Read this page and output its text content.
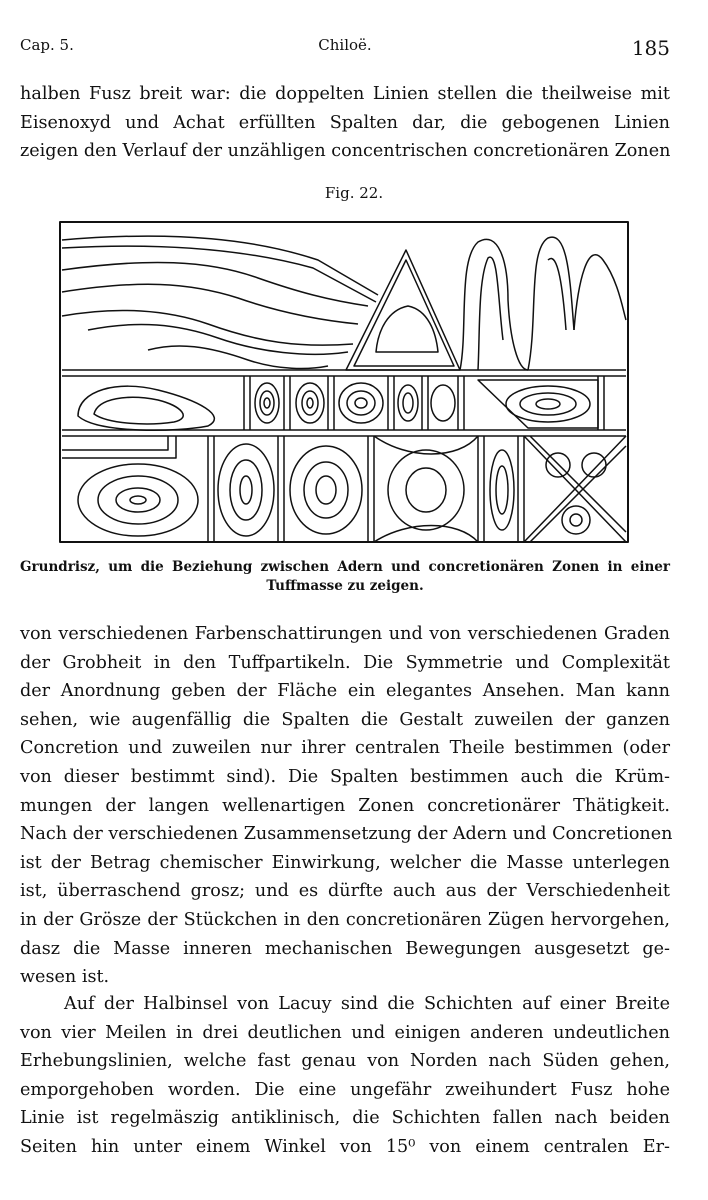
Cap. 5.	Chiloë.	185
halben Fusz breit war: die doppelten Linien stellen die theilweise mit
Eisenoxyd und Achat erfüllten Spalten dar, die gebogenen Linien
zeigen den Verlauf der unzähligen concentrischen concretionären Zonen
Fig. 22.
Grundrisz, um die Beziehung zwischen Adern und concretionären Zonen in einer
Tuffmasse zu zeigen.
von verschiedenen Farbenschattirungen und von verschiedenen Graden
der Grobheit in den Tuffpartikeln. Die Symmetrie und Complexität
der Anordnung geben der Fläche ein elegantes Ansehen. Man kann
sehen, wie augenfällig die Spalten die Gestalt zuweilen der ganzen
Concretion und zuweilen nur ihrer centralen Theile bestimmen (oder
von dieser bestimmt sind). Die Spalten bestimmen auch die Krüm-
mungen der langen wellenartigen Zonen concretionärer Thätigkeit.
Nach der verschiedenen Zusammensetzung der Adern und Concretionen
ist der Betrag chemischer Einwirkung, welcher die Masse unterlegen
ist, überraschend grosz; und es dürfte auch aus der Verschiedenheit
in der Grösze der Stückchen in den concretionären Zügen hervorgehen,
dasz die Masse inneren mechanischen Bewegungen ausgesetzt ge-
wesen ist.
Auf der Halbinsel von Lacuy sind die Schichten auf einer Breite
von vier Meilen in drei deutlichen und einigen anderen undeutlichen
Erhebungslinien, welche fast genau von Norden nach Süden gehen,
emporgehoben worden. Die eine ungefähr zweihundert Fusz hohe
Linie ist regelmäszig antiklinisch, die Schichten fallen nach beiden
Seiten hin unter einem Winkel von 15⁰ von einem centralen Er-
